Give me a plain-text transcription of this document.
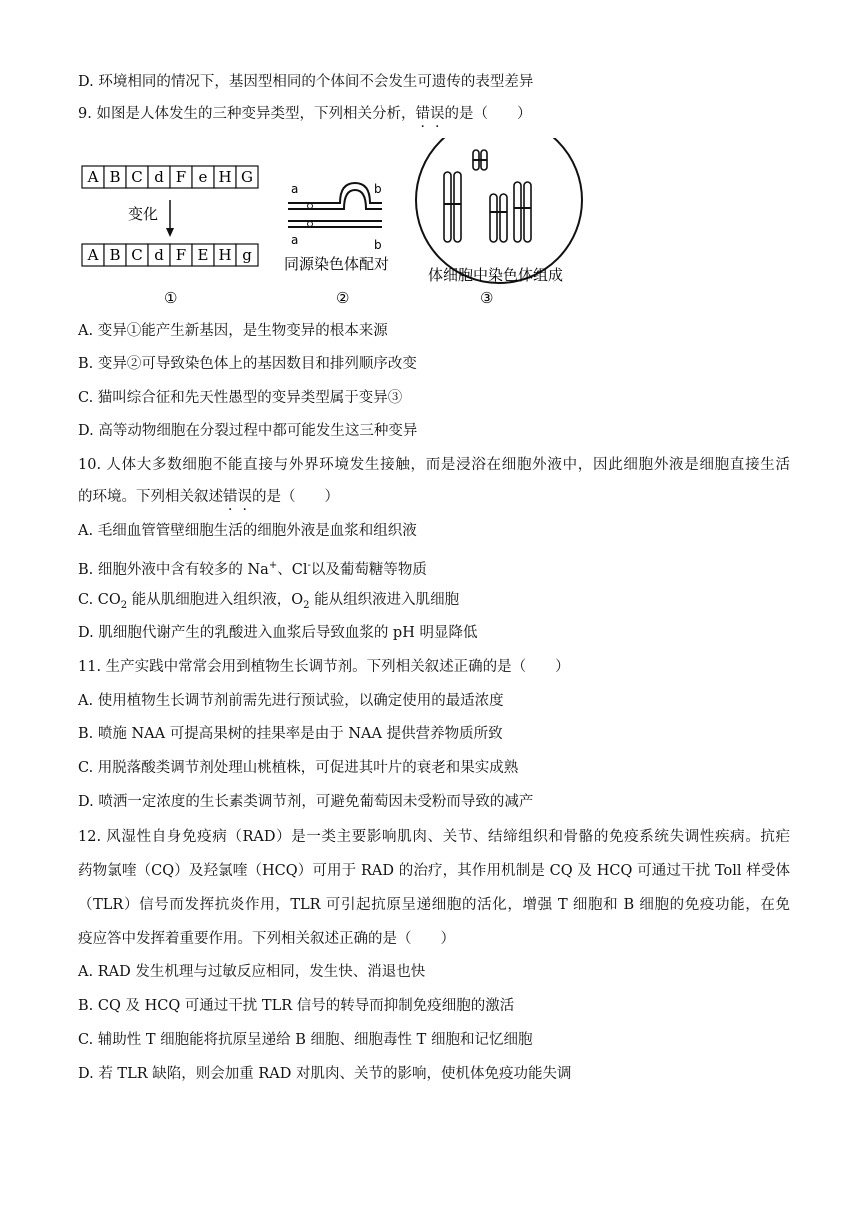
D. 环境相同的情况下，基因型相同的个体间不会发生可遗传的表型差异
9. 如图是人体发生的三种变异类型，下列相关分析，错误的是（　　）
A B C d F e H G
变化
A B C d F E H g
①
a	b
a	b
同源染色体配对
②
体细胞中染色体组成
③
A. 变异①能产生新基因，是生物变异的根本来源
B. 变异②可导致染色体上的基因数目和排列顺序改变
C. 猫叫综合征和先天性愚型的变异类型属于变异③
D. 高等动物细胞在分裂过程中都可能发生这三种变异
10. 人体大多数细胞不能直接与外界环境发生接触，而是浸浴在细胞外液中，因此细胞外液是细胞直接生活
的环境。下列相关叙述错误的是（　　）
A. 毛细血管管壁细胞生活的细胞外液是血浆和组织液
B. 细胞外液中含有较多的 Na+、Cl-以及葡萄糖等物质
C. $CO_2$ 能从肌细胞进入组织液，$O_2$ 能从组织液进入肌细胞
D. 肌细胞代谢产生的乳酸进入血浆后导致血浆的 pH 明显降低
11. 生产实践中常常会用到植物生长调节剂。下列相关叙述正确的是（　　）
A. 使用植物生长调节剂前需先进行预试验，以确定使用的最适浓度
B. 喷施 NAA 可提高果树的挂果率是由于 NAA 提供营养物质所致
C. 用脱落酸类调节剂处理山桃植株，可促进其叶片的衰老和果实成熟
D. 喷洒一定浓度的生长素类调节剂，可避免葡萄因未受粉而导致的减产
12. 风湿性自身免疫病（RAD）是一类主要影响肌肉、关节、结缔组织和骨骼的免疫系统失调性疾病。抗疟
药物氯喹（CQ）及羟氯喹（HCQ）可用于 RAD 的治疗，其作用机制是 CQ 及 HCQ 可通过干扰 Toll 样受体
（TLR）信号而发挥抗炎作用，TLR 可引起抗原呈递细胞的活化，增强 T 细胞和 B 细胞的免疫功能，在免
疫应答中发挥着重要作用。下列相关叙述正确的是（　　）
A. RAD 发生机理与过敏反应相同，发生快、消退也快
B. CQ 及 HCQ 可通过干扰 TLR 信号的转导而抑制免疫细胞的激活
C. 辅助性 T 细胞能将抗原呈递给 B 细胞、细胞毒性 T 细胞和记忆细胞
D. 若 TLR 缺陷，则会加重 RAD 对肌肉、关节的影响，使机体免疫功能失调
